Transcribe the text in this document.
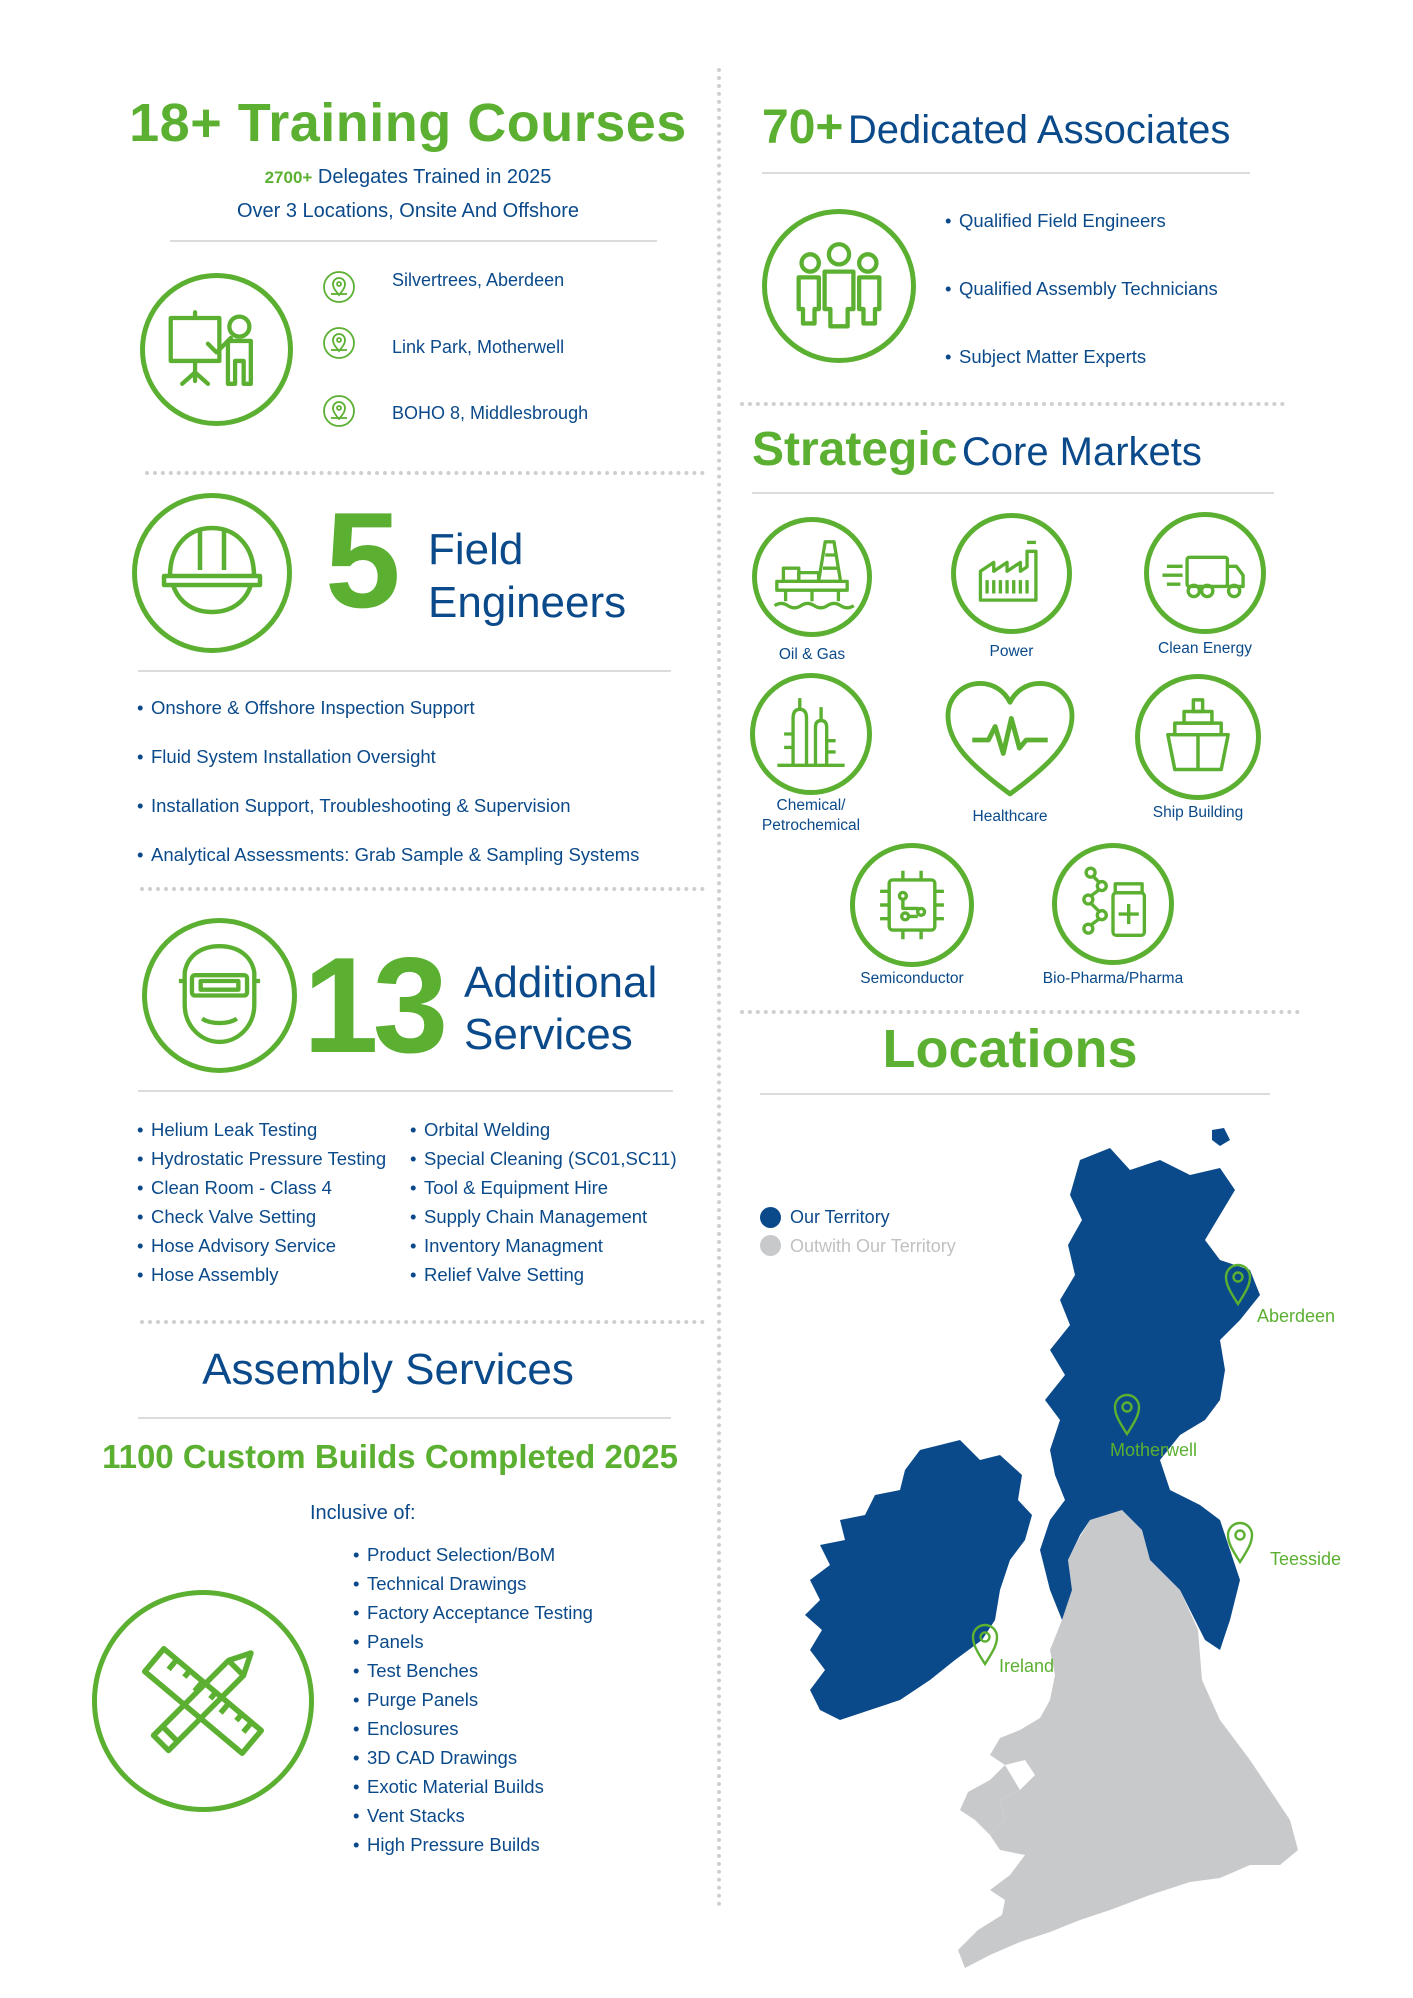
18+ Training Courses
2700+ Delegates Trained in 2025
Over 3 Locations, Onsite And Offshore
Silvertrees, Aberdeen
Link Park, Motherwell
BOHO 8, Middlesbrough
5 Field
Engineers
• Onshore & Offshore Inspection Support
• Fluid System Installation Oversight
• Installation Support, Troubleshooting & Supervision
• Analytical Assessments: Grab Sample & Sampling Systems
13 Additional
Services
• Helium Leak Testing
• Hydrostatic Pressure Testing
• Clean Room - Class 4
• Check Valve Setting
• Hose Advisory Service
• Hose Assembly
• Orbital Welding
• Special Cleaning (SC01,SC11)
• Tool & Equipment Hire
• Supply Chain Management
• Inventory Managment
• Relief Valve Setting
Assembly Services
1100 Custom Builds Completed 2025
Inclusive of:
• Product Selection/BoM
• Technical Drawings
• Factory Acceptance Testing
• Panels
• Test Benches
• Purge Panels
• Enclosures
• 3D CAD Drawings
• Exotic Material Builds
• Vent Stacks
• High Pressure Builds
70+ Dedicated Associates
• Qualified Field Engineers
• Qualified Assembly Technicians
• Subject Matter Experts
Strategic Core Markets
Oil & Gas	Power	Clean Energy
Chemical/
Petrochemical
Healthcare	Ship Building
Semiconductor	Bio-Pharma/Pharma
Locations
Our Territory
Outwith Our Territory
Aberdeen
Motherwell
Teesside
Ireland
